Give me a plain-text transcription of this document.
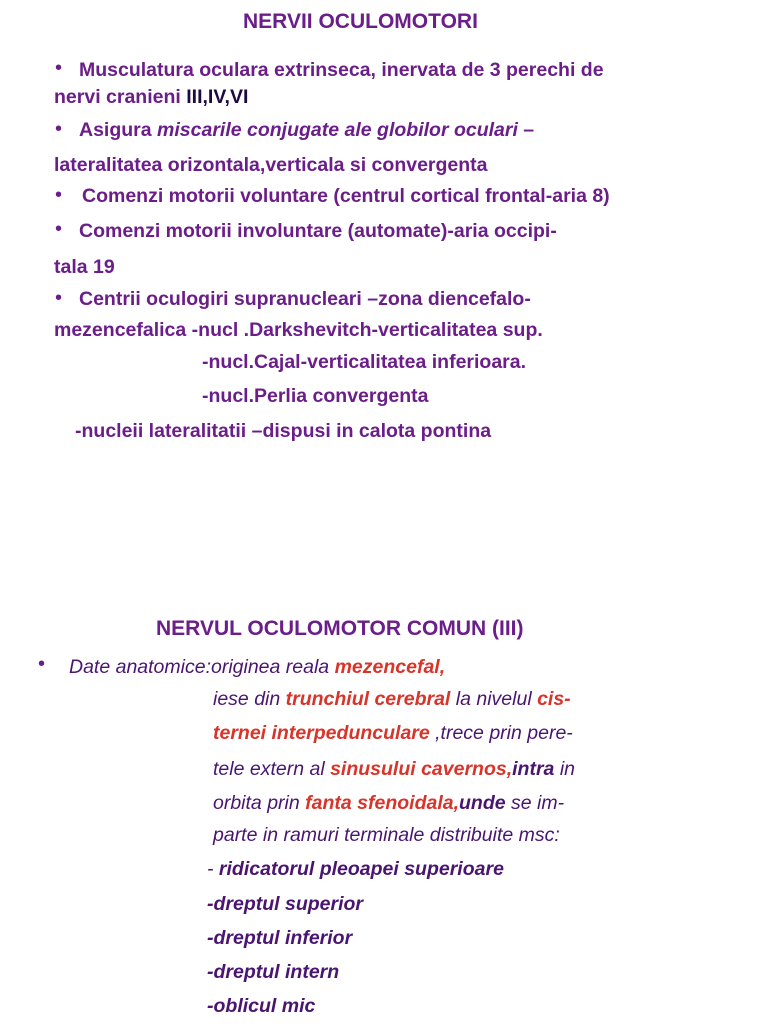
NERVII OCULOMOTORI
• Musculatura oculara extrinseca, inervata de 3 perechi de
nervi cranieni III,IV,VI
• Asigura miscarile conjugate ale globilor oculari –
lateralitatea orizontala,verticala si convergenta
• Comenzi motorii voluntare (centrul cortical frontal-aria 8)
• Comenzi motorii involuntare (automate)-aria occipi-
tala 19
• Centrii oculogiri supranucleari –zona diencefalo-
mezencefalica -nucl .Darkshevitch-verticalitatea sup.
-nucl.Cajal-verticalitatea inferioara.
-nucl.Perlia convergenta
-nucleii lateralitatii –dispusi in calota pontina
NERVUL OCULOMOTOR COMUN (III)
• Date anatomice:originea reala mezencefal,
iese din trunchiul cerebral la nivelul cis-
ternei interpedunculare ,trece prin pere-
tele extern al sinusului cavernos,intra in
orbita prin fanta sfenoidala,unde se im-
parte in ramuri terminale distribuite msc:
- ridicatorul pleoapei superioare
-dreptul superior
-dreptul inferior
-dreptul intern
-oblicul mic
